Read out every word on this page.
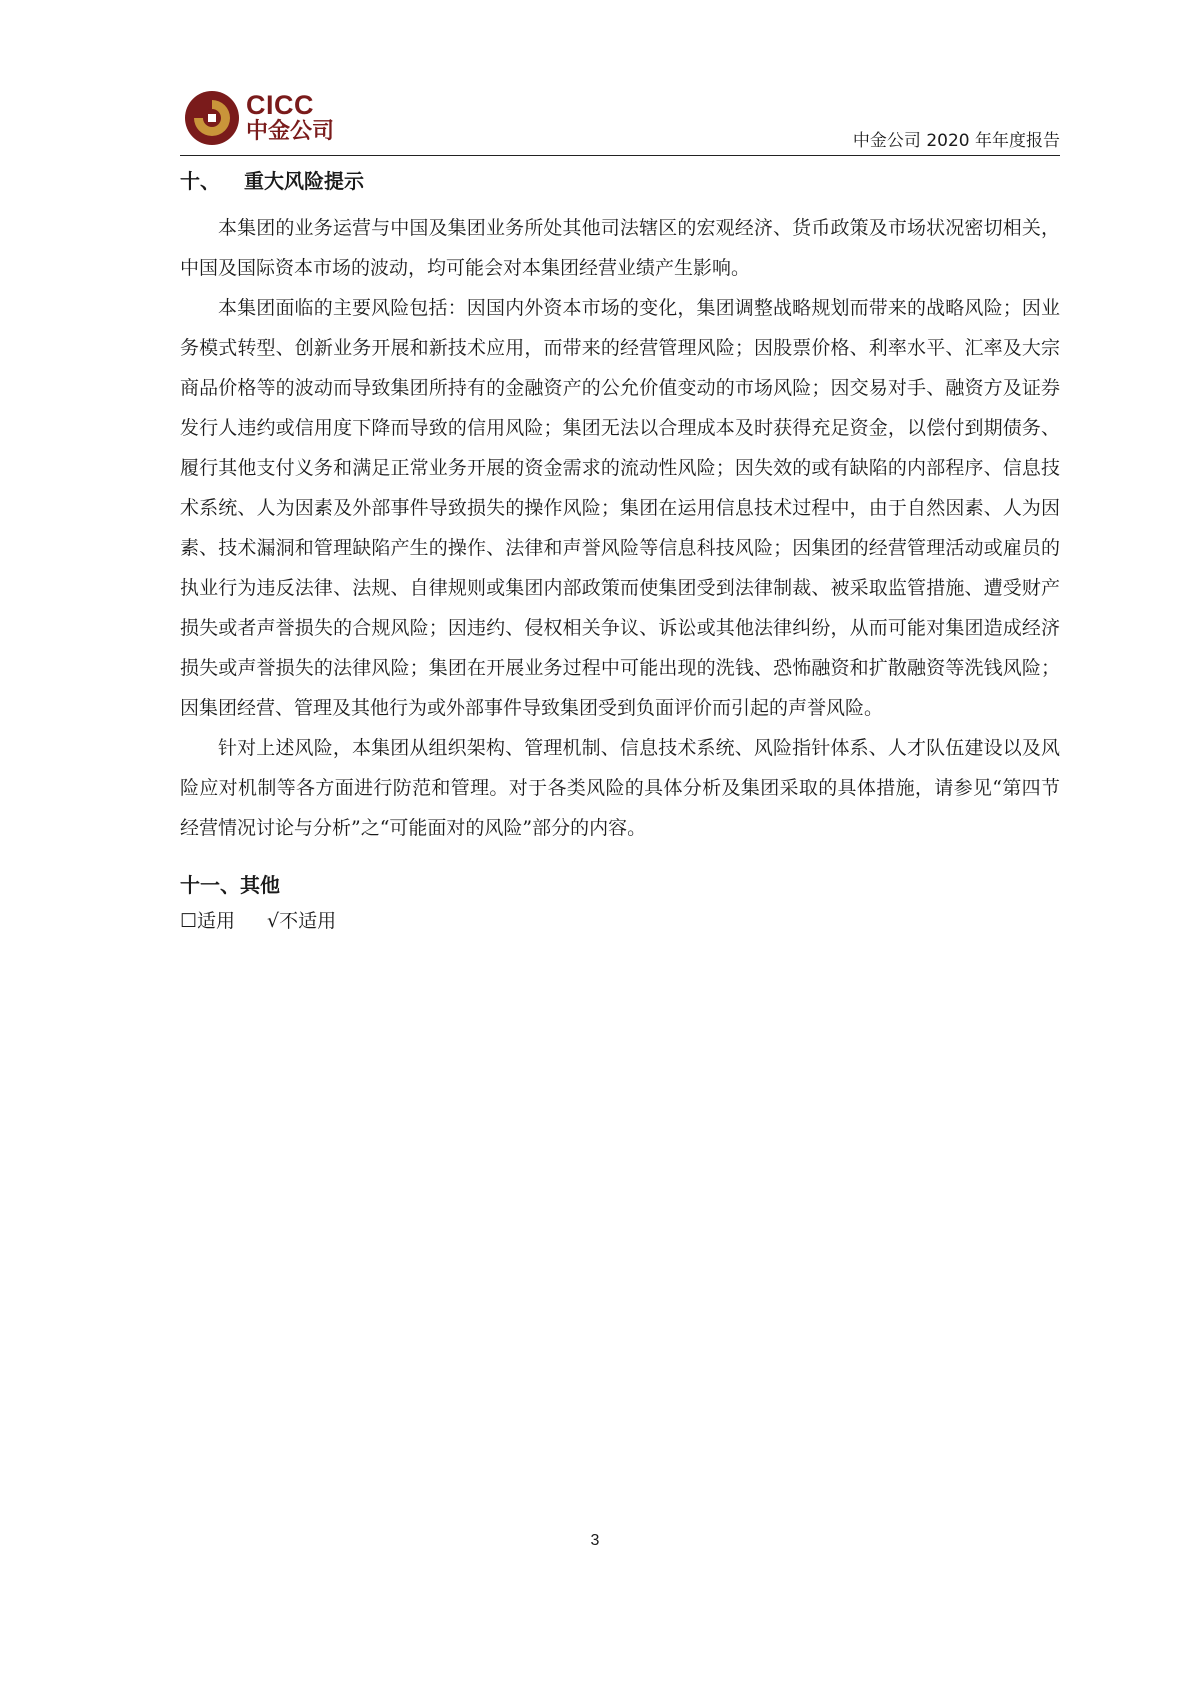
CICC
中金公司	中金公司 2020 年年度报告
十、	重大风险提示

本集团的业务运营与中国及集团业务所处其他司法辖区的宏观经济、货币政策及市场状况密切相关，中国及国际资本市场的波动，均可能会对本集团经营业绩产生影响。

本集团面临的主要风险包括：因国内外资本市场的变化，集团调整战略规划而带来的战略风险；因业务模式转型、创新业务开展和新技术应用，而带来的经营管理风险；因股票价格、利率水平、汇率及大宗商品价格等的波动而导致集团所持有的金融资产的公允价值变动的市场风险；因交易对手、融资方及证券发行人违约或信用度下降而导致的信用风险；集团无法以合理成本及时获得充足资金，以偿付到期债务、履行其他支付义务和满足正常业务开展的资金需求的流动性风险；因失效的或有缺陷的内部程序、信息技术系统、人为因素及外部事件导致损失的操作风险；集团在运用信息技术过程中，由于自然因素、人为因素、技术漏洞和管理缺陷产生的操作、法律和声誉风险等信息科技风险；因集团的经营管理活动或雇员的执业行为违反法律、法规、自律规则或集团内部政策而使集团受到法律制裁、被采取监管措施、遭受财产损失或者声誉损失的合规风险；因违约、侵权相关争议、诉讼或其他法律纠纷，从而可能对集团造成经济损失或声誉损失的法律风险；集团在开展业务过程中可能出现的洗钱、恐怖融资和扩散融资等洗钱风险；因集团经营、管理及其他行为或外部事件导致集团受到负面评价而引起的声誉风险。

针对上述风险，本集团从组织架构、管理机制、信息技术系统、风险指针体系、人才队伍建设以及风险应对机制等各方面进行防范和管理。对于各类风险的具体分析及集团采取的具体措施，请参见“第四节 经营情况讨论与分析”之“可能面对的风险”部分的内容。

十一、其他
☐适用 √不适用
3
